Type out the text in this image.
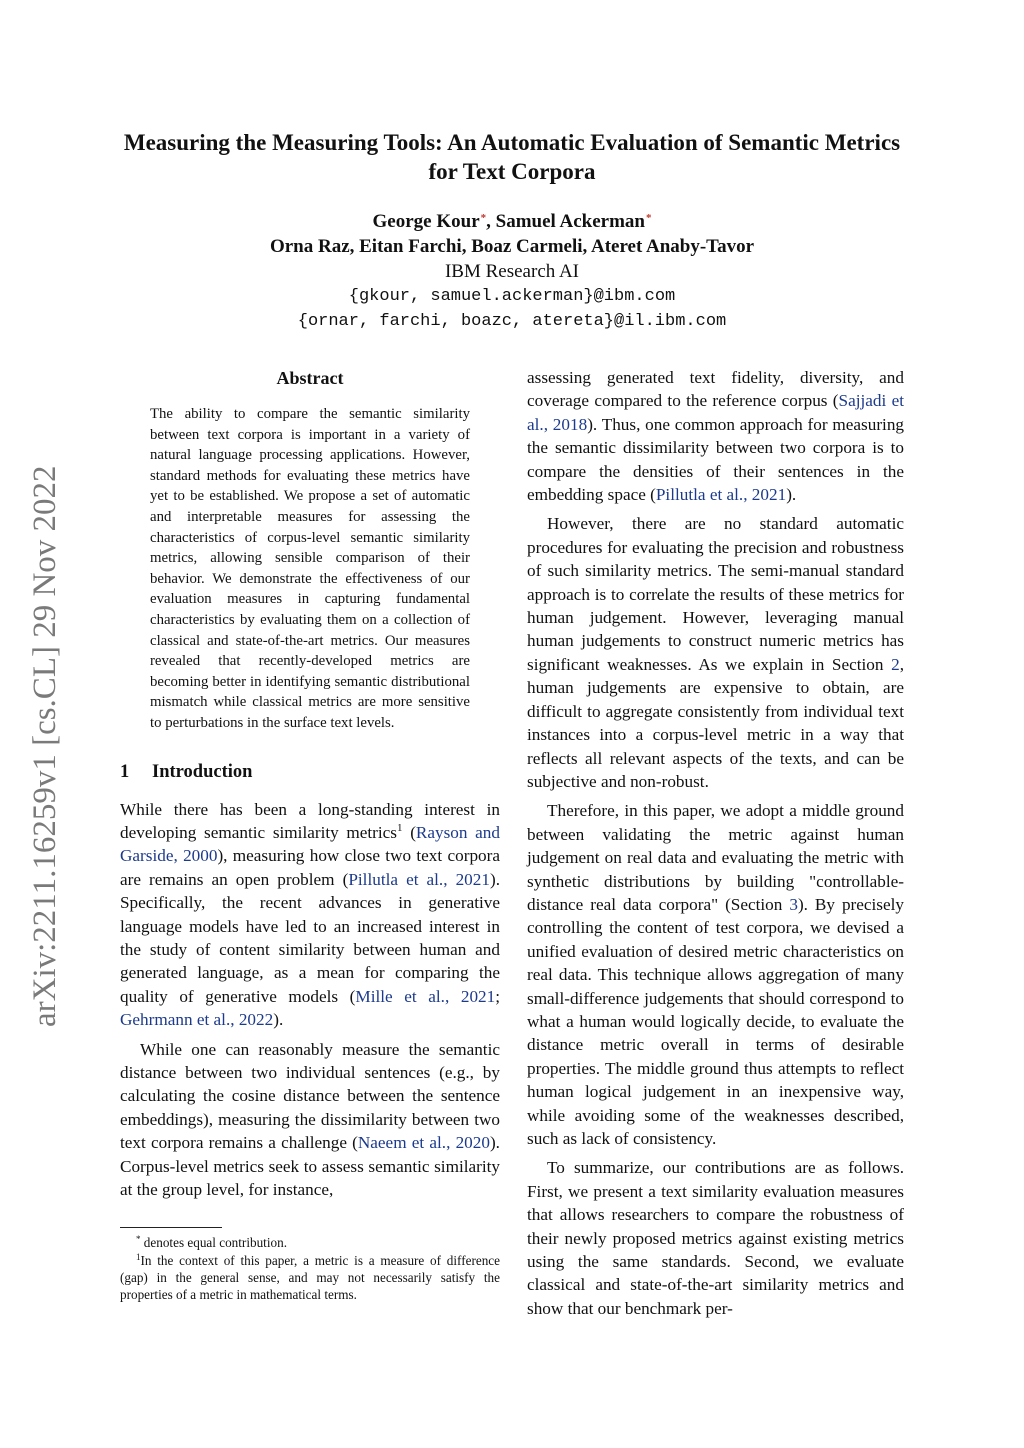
arXiv:2211.16259v1 [cs.CL] 29 Nov 2022
Measuring the Measuring Tools: An Automatic Evaluation of Semantic Metrics for Text Corpora
George Kour*, Samuel Ackerman*
Orna Raz, Eitan Farchi, Boaz Carmeli, Ateret Anaby-Tavor
IBM Research AI
{gkour, samuel.ackerman}@ibm.com
{ornar, farchi, boazc, atereta}@il.ibm.com
Abstract

The ability to compare the semantic similarity between text corpora is important in a variety of natural language processing applications. However, standard methods for evaluating these metrics have yet to be established. We propose a set of automatic and interpretable measures for assessing the characteristics of corpus-level semantic similarity metrics, allowing sensible comparison of their behavior. We demonstrate the effectiveness of our evaluation measures in capturing fundamental characteristics by evaluating them on a collection of classical and state-of-the-art metrics. Our measures revealed that recently-developed metrics are becoming better in identifying semantic distributional mismatch while classical metrics are more sensitive to perturbations in the surface text levels.

1 Introduction

While there has been a long-standing interest in developing semantic similarity metrics$^1$ (Rayson and Garside, 2000), measuring how close two text corpora are remains an open problem (Pillutla et al., 2021). Specifically, the recent advances in generative language models have led to an increased interest in the study of content similarity between human and generated language, as a mean for comparing the quality of generative models (Mille et al., 2021; Gehrmann et al., 2022).

While one can reasonably measure the semantic distance between two individual sentences (e.g., by calculating the cosine distance between the sentence embeddings), measuring the dissimilarity between two text corpora remains a challenge (Naeem et al., 2020). Corpus-level metrics seek to assess semantic similarity at the group level, for instance,

* denotes equal contribution.

$^1$In the context of this paper, a metric is a measure of difference (gap) in the general sense, and may not necessarily satisfy the properties of a metric in mathematical terms.

assessing generated text fidelity, diversity, and coverage compared to the reference corpus (Sajjadi et al., 2018). Thus, one common approach for measuring the semantic dissimilarity between two corpora is to compare the densities of their sentences in the embedding space (Pillutla et al., 2021).

However, there are no standard automatic procedures for evaluating the precision and robustness of such similarity metrics. The semi-manual standard approach is to correlate the results of these metrics for human judgement. However, leveraging manual human judgements to construct numeric metrics has significant weaknesses. As we explain in Section 2, human judgements are expensive to obtain, are difficult to aggregate consistently from individual text instances into a corpus-level metric in a way that reflects all relevant aspects of the texts, and can be subjective and non-robust.

Therefore, in this paper, we adopt a middle ground between validating the metric against human judgement on real data and evaluating the metric with synthetic distributions by building "controllable-distance real data corpora" (Section 3). By precisely controlling the content of test corpora, we devised a unified evaluation of desired metric characteristics on real data. This technique allows aggregation of many small-difference judgements that should correspond to what a human would logically decide, to evaluate the distance metric overall in terms of desirable properties. The middle ground thus attempts to reflect human logical judgement in an inexpensive way, while avoiding some of the weaknesses described, such as lack of consistency.

To summarize, our contributions are as follows. First, we present a text similarity evaluation measures that allows researchers to compare the robustness of their newly proposed metrics against existing metrics using the same standards. Second, we evaluate classical and state-of-the-art similarity metrics and show that our benchmark per-
